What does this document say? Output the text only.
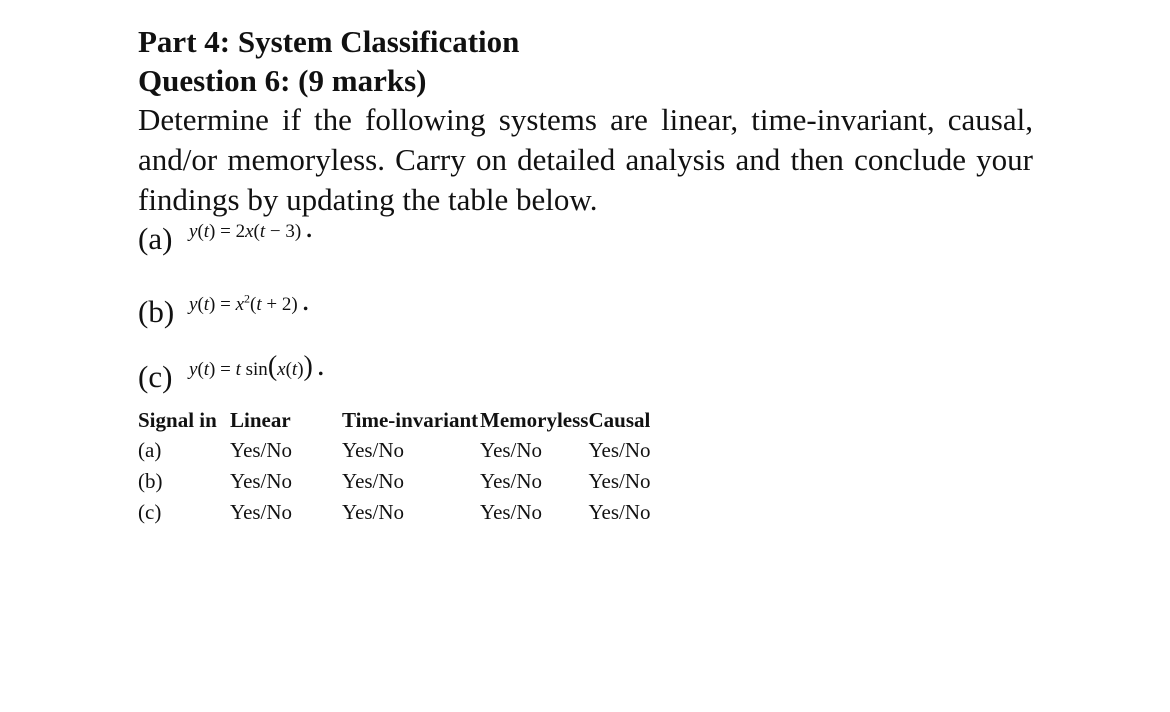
Part 4: System Classification

Question 6: (9 marks)

Determine if the following systems are linear, time-invariant, causal, and/or memoryless. Carry on detailed analysis and then conclude your findings by updating the table below.

(a) y(t) = 2x(t − 3) .
(b) $y(t) = x^2(t + 2)$ .
(c) y(t) = t sin(x(t)) .
Signal in	Linear	Time-invariant	Memoryless	Causal
(a)	Yes/No	Yes/No	Yes/No	Yes/No
(b)	Yes/No	Yes/No	Yes/No	Yes/No
(c)	Yes/No	Yes/No	Yes/No	Yes/No
